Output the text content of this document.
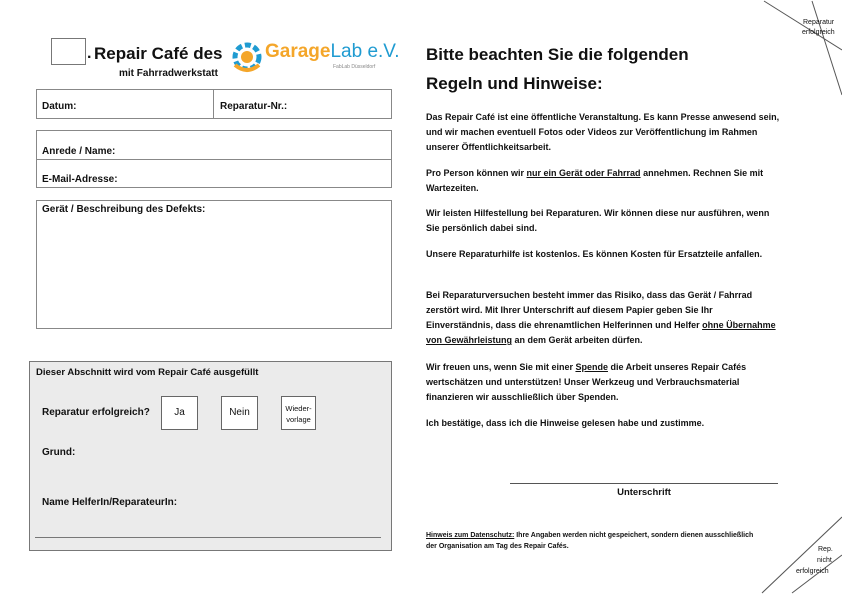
. Repair Café des
mit Fahrradwerkstatt
GarageLab e.V.
FabLab Düsseldorf
Datum:	Reparatur-Nr.:
Anrede / Name:
E-Mail-Adresse:
Gerät / Beschreibung des Defekts:
Dieser Abschnitt wird vom Repair Café ausgefüllt
Reparatur erfolgreich?	Ja	Nein	Wieder-
vorlage
Grund:
Name HelferIn/ReparateurIn:
Bitte beachten Sie die folgenden
Regeln und Hinweise:

Das Repair Café ist eine öffentliche Veranstaltung. Es kann Presse anwesend sein, und wir machen eventuell Fotos oder Videos zur Veröffentlichung im Rahmen unserer Öffentlichkeitsarbeit.

Pro Person können wir nur ein Gerät oder Fahrrad annehmen. Rechnen Sie mit Wartezeiten.

Wir leisten Hilfestellung bei Reparaturen. Wir können diese nur ausführen, wenn Sie persönlich dabei sind.

Unsere Reparaturhilfe ist kostenlos. Es können Kosten für Ersatzteile anfallen.

Bei Reparaturversuchen besteht immer das Risiko, dass das Gerät / Fahrrad zerstört wird. Mit Ihrer Unterschrift auf diesem Papier geben Sie Ihr Einverständnis, dass die ehrenamtlichen Helferinnen und Helfer ohne Übernahme von Gewährleistung an dem Gerät arbeiten dürfen.

Wir freuen uns, wenn Sie mit einer Spende die Arbeit unseres Repair Cafés wertschätzen und unterstützen! Unser Werkzeug und Verbrauchsmaterial finanzieren wir ausschließlich über Spenden.

Ich bestätige, dass ich die Hinweise gelesen habe und zustimme.

Unterschrift

Hinweis zum Datenschutz: Ihre Angaben werden nicht gespeichert, sondern dienen ausschließlich der Organisation am Tag des Repair Cafés.

Reparatur
erfolgreich
Rep.
nicht
erfolgreich
